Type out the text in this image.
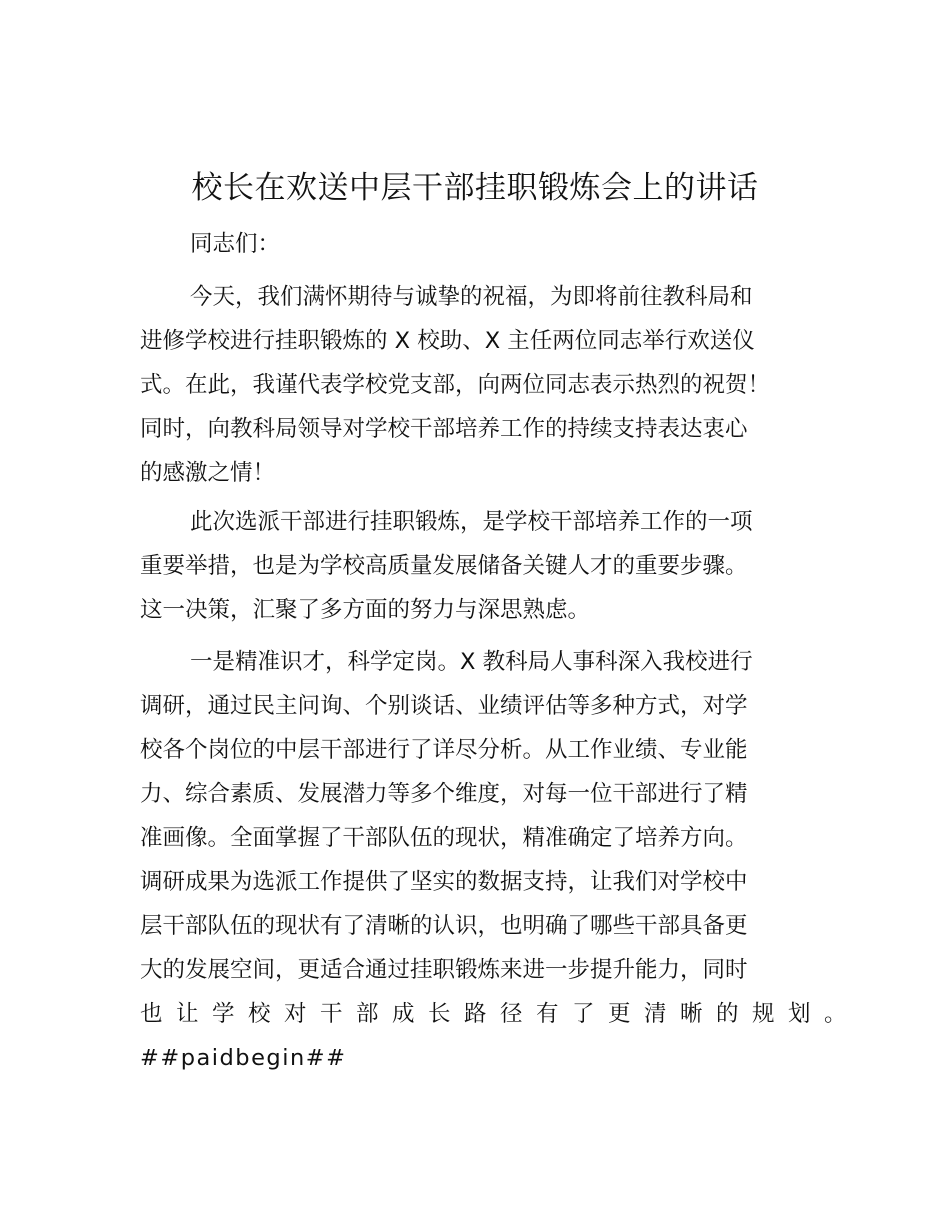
校长在欢送中层干部挂职锻炼会上的讲话

同志们：

今天，我们满怀期待与诚挚的祝福，为即将前往教科局和
进修学校进行挂职锻炼的 X 校助、X 主任两位同志举行欢送仪
式。在此，我谨代表学校党支部，向两位同志表示热烈的祝贺！
同时，向教科局领导对学校干部培养工作的持续支持表达衷心
的感激之情！
此次选派干部进行挂职锻炼，是学校干部培养工作的一项
重要举措，也是为学校高质量发展储备关键人才的重要步骤。
这一决策，汇聚了多方面的努力与深思熟虑。
一是精准识才，科学定岗。X 教科局人事科深入我校进行
调研，通过民主问询、个别谈话、业绩评估等多种方式，对学
校各个岗位的中层干部进行了详尽分析。从工作业绩、专业能
力、综合素质、发展潜力等多个维度，对每一位干部进行了精
准画像。全面掌握了干部队伍的现状，精准确定了培养方向。
调研成果为选派工作提供了坚实的数据支持，让我们对学校中
层干部队伍的现状有了清晰的认识，也明确了哪些干部具备更
大的发展空间，更适合通过挂职锻炼来进一步提升能力，同时
也让学校对干部成长路径有了更清晰的规划。
##paidbegin##
